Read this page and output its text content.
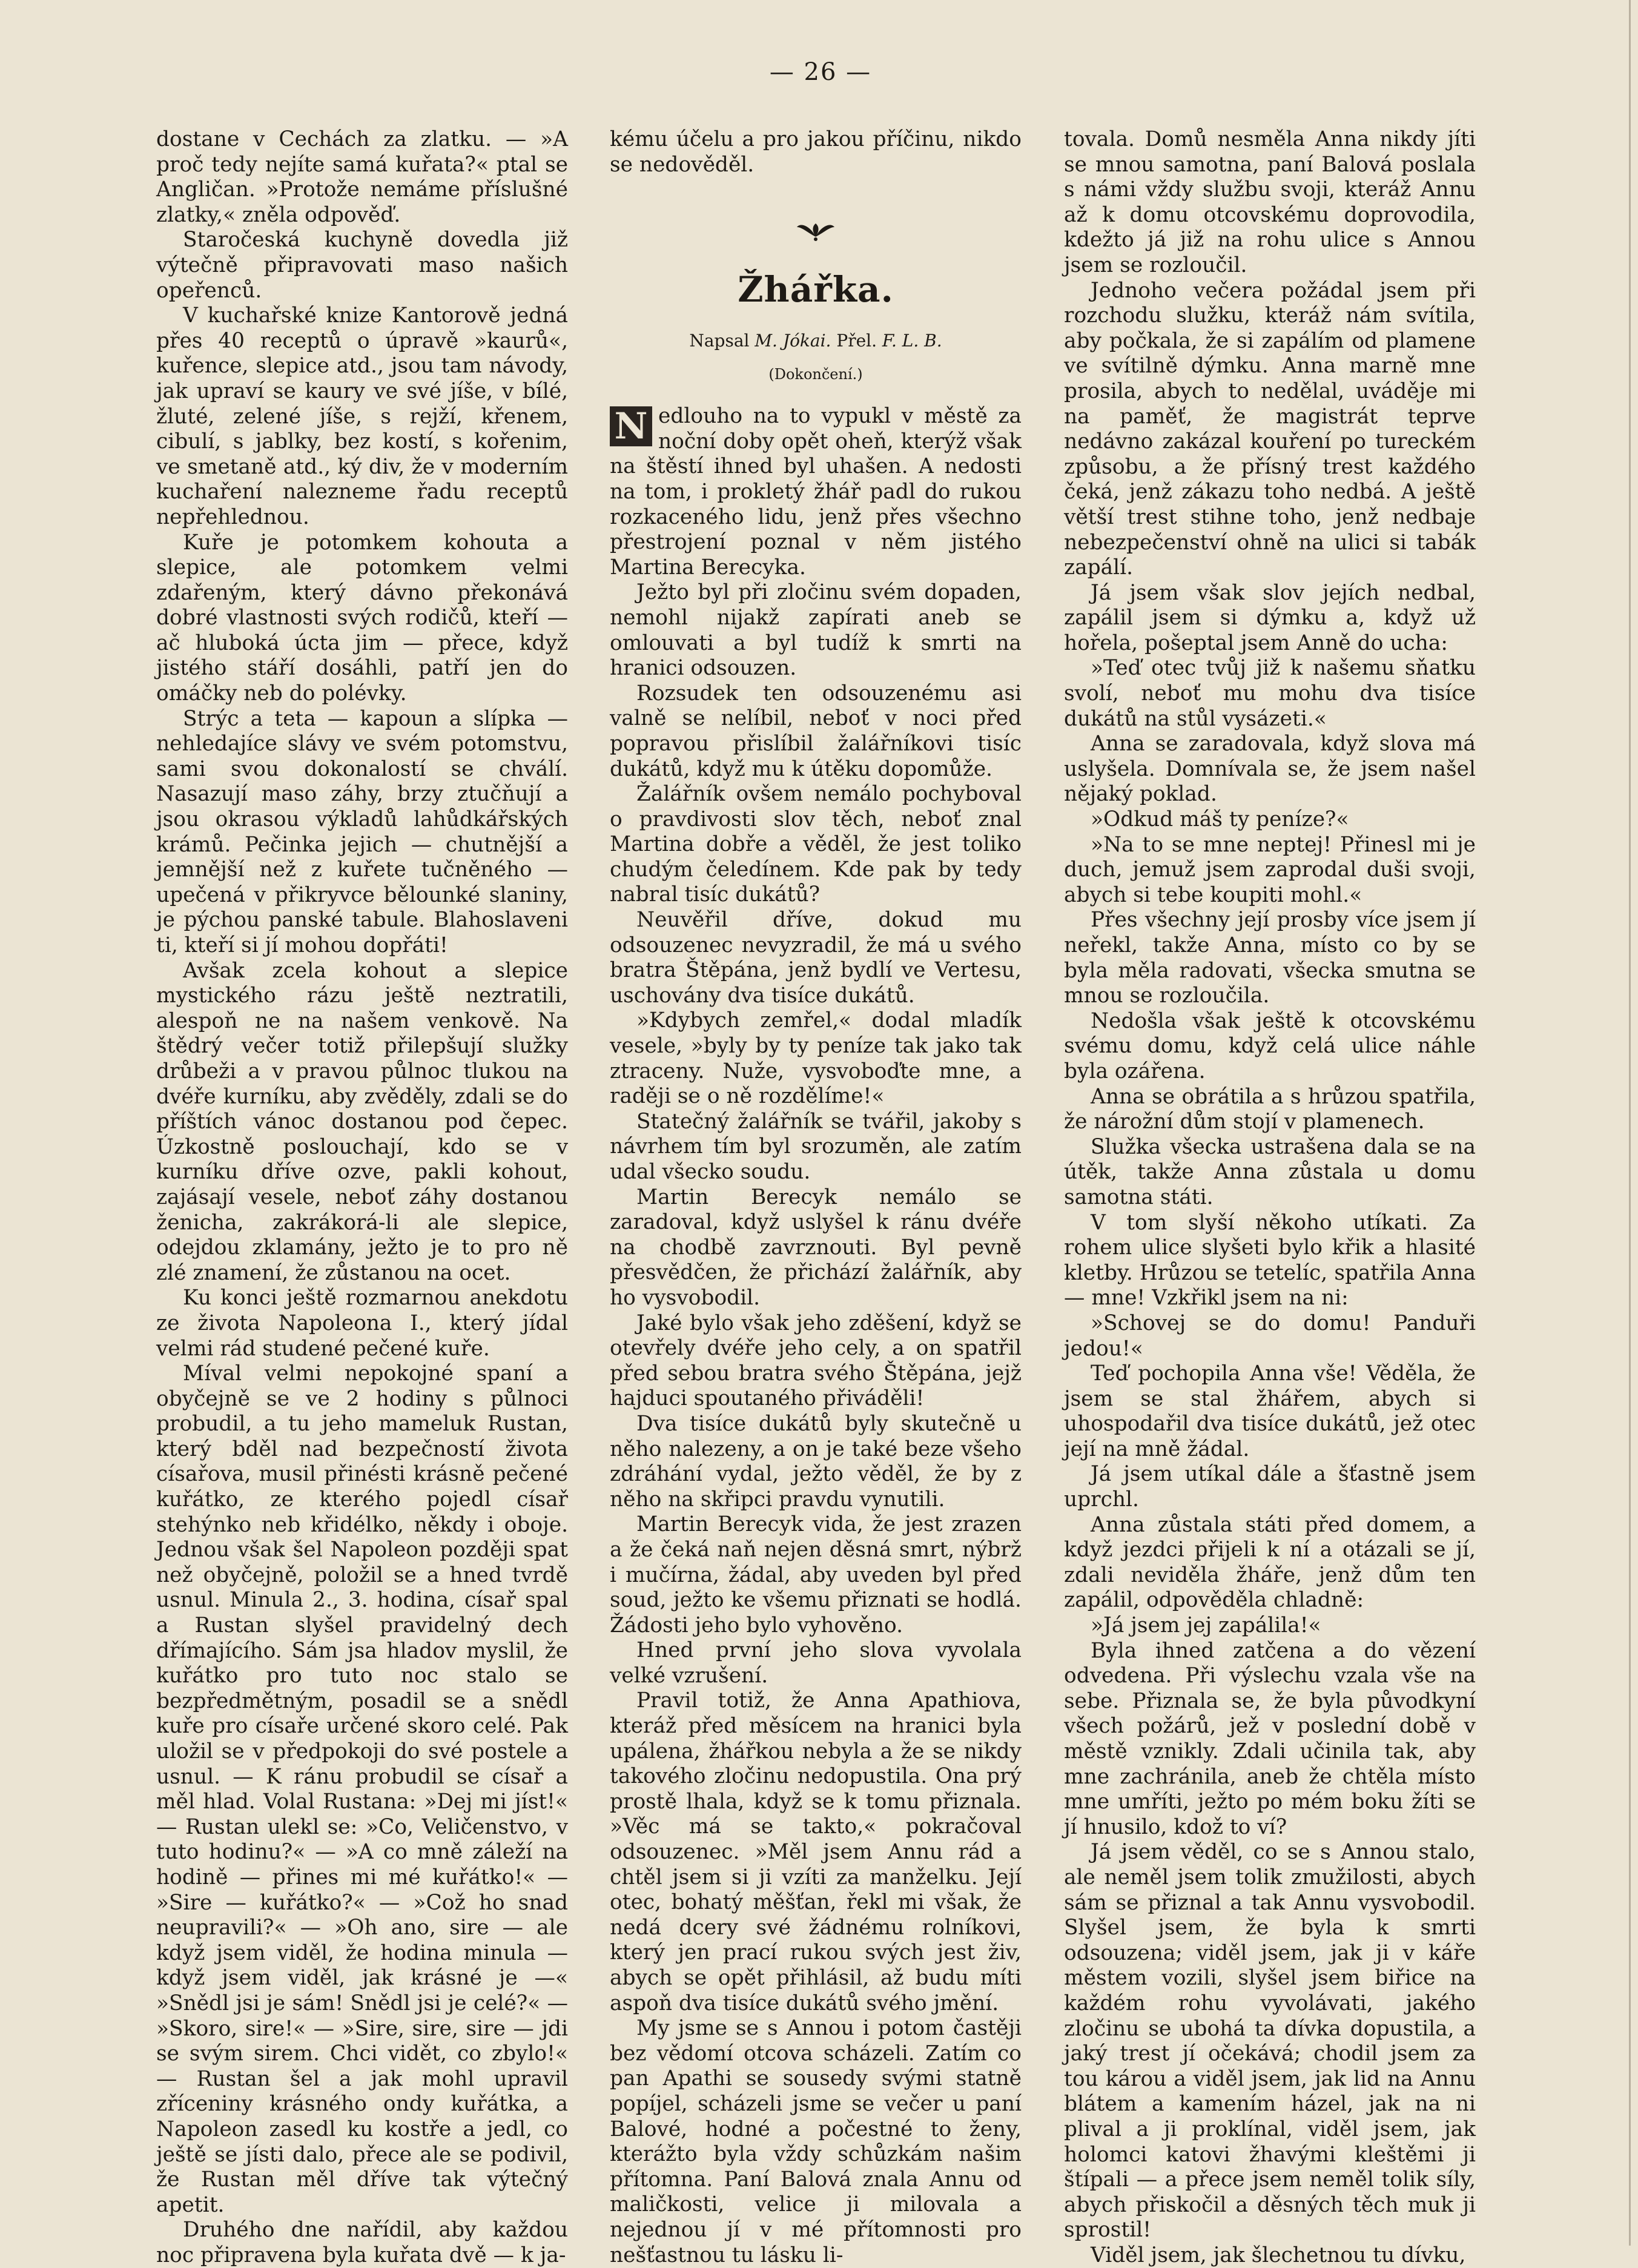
— 26 —

dostane v Cechách za zlatku. — »A proč tedy nejíte samá kuřata?« ptal se Angličan. »Protože nemáme příslušné zlatky,« zněla odpověď.

Staročeská kuchyně dovedla již výtečně připravovati maso našich opeřenců.

V kuchařské knize Kantorově jedná přes 40 receptů o úpravě »kaurů«, kuřence, slepice atd., jsou tam návody, jak upraví se kaury ve své jíše, v bílé, žluté, zelené jíše, s rejží, křenem, cibulí, s jablky, bez kostí, s kořenim, ve smetaně atd., ký div, že v moderním kuchaření nalezneme řadu receptů nepřehlednou.

Kuře je potomkem kohouta a slepice, ale potomkem velmi zdařeným, který dávno překonává dobré vlastnosti svých rodičů, kteří — ač hluboká úcta jim — přece, když jistého stáří dosáhli, patří jen do omáčky neb do polévky.

Strýc a teta — kapoun a slípka — nehledajíce slávy ve svém potomstvu, sami svou dokonalostí se chválí. Nasazují maso záhy, brzy ztučňují a jsou okrasou výkladů lahůdkářských krámů. Pečinka jejich — chutnější a jemnější než z kuřete tučněného — upečená v přikryvce bělounké slaniny, je pýchou panské tabule. Blahoslaveni ti, kteří si jí mohou dopřáti!

Avšak zcela kohout a slepice mystického rázu ještě neztratili, alespoň ne na našem venkově. Na štědrý večer totiž přilepšují služky drůbeži a v pravou půlnoc tlukou na dvéře kurníku, aby zvěděly, zdali se do příštích vánoc dostanou pod čepec. Úzkostně poslouchají, kdo se v kurníku dříve ozve, pakli kohout, zajásají vesele, neboť záhy dostanou ženicha, zakrákorá-li ale slepice, odejdou zklamány, ježto je to pro ně zlé znamení, že zůstanou na ocet.

Ku konci ještě rozmarnou anekdotu ze života Napoleona I., který jídal velmi rád studené pečené kuře.

Míval velmi nepokojné spaní a obyčejně se ve 2 hodiny s půlnoci probudil, a tu jeho mameluk Rustan, který bděl nad bezpečností života císařova, musil přinésti krásně pečené kuřátko, ze kterého pojedl císař stehýnko neb křidélko, někdy i oboje. Jednou však šel Napoleon později spat než obyčejně, položil se a hned tvrdě usnul. Minula 2., 3. hodina, císař spal a Rustan slyšel pravidelný dech dřímajícího. Sám jsa hladov myslil, že kuřátko pro tuto noc stalo se bezpředmětným, posadil se a snědl kuře pro císaře určené skoro celé. Pak uložil se v předpokoji do své postele a usnul. — K ránu probudil se císař a měl hlad. Volal Rustana: »Dej mi jíst!« — Rustan ulekl se: »Co, Veličenstvo, v tuto hodinu?« — »A co mně záleží na hodině — přines mi mé kuřátko!« — »Sire — kuřátko?« — »Což ho snad neupravili?« — »Oh ano, sire — ale když jsem viděl, že hodina minula — když jsem viděl, jak krásné je —« »Snědl jsi je sám! Snědl jsi je celé?« — »Skoro, sire!« — »Sire, sire, sire — jdi se svým sirem. Chci vidět, co zbylo!« — Rustan šel a jak mohl upravil zříceniny krásného ondy kuřátka, a Napoleon zasedl ku kostře a jedl, co ještě se jísti dalo, přece ale se podivil, že Rustan měl dříve tak výtečný apetit.

Druhého dne nařídil, aby každou noc připravena byla kuřata dvě — k ja-

kému účelu a pro jakou příčinu, nikdo se nedověděl.

Žhářka.
Napsal M. Jókai. Přel. F. L. B.
(Dokončení.)

N edlouho na to vypukl v městě za noční doby opět oheň, kterýž však na štěstí ihned byl uhašen. A nedosti na tom, i prokletý žhář padl do rukou rozkaceného lidu, jenž přes všechno přestrojení poznal v něm jistého Martina Berecyka.

Ježto byl při zločinu svém dopaden, nemohl nijakž zapírati aneb se omlouvati a byl tudíž k smrti na hranici odsouzen.

Rozsudek ten odsouzenému asi valně se nelíbil, neboť v noci před popravou přislíbil žalářníkovi tisíc dukátů, když mu k útěku dopomůže.

Žalářník ovšem nemálo pochyboval o pravdivosti slov těch, neboť znal Martina dobře a věděl, že jest toliko chudým čeledínem. Kde pak by tedy nabral tisíc dukátů?

Neuvěřil dříve, dokud mu odsouzenec nevyzradil, že má u svého bratra Štěpána, jenž bydlí ve Vertesu, uschovány dva tisíce dukátů.

»Kdybych zemřel,« dodal mladík vesele, »byly by ty peníze tak jako tak ztraceny. Nuže, vysvoboďte mne, a raději se o ně rozdělíme!«

Statečný žalářník se tvářil, jakoby s návrhem tím byl srozuměn, ale zatím udal všecko soudu.

Martin Berecyk nemálo se zaradoval, když uslyšel k ránu dvéře na chodbě zavrznouti. Byl pevně přesvědčen, že přichází žalářník, aby ho vysvobodil.

Jaké bylo však jeho zděšení, když se otevřely dvéře jeho cely, a on spatřil před sebou bratra svého Štěpána, jejž hajduci spoutaného přiváděli!

Dva tisíce dukátů byly skutečně u něho nalezeny, a on je také beze všeho zdráhání vydal, ježto věděl, že by z něho na skřipci pravdu vynutili.

Martin Berecyk vida, že jest zrazen a že čeká naň nejen děsná smrt, nýbrž i mučírna, žádal, aby uveden byl před soud, ježto ke všemu přiznati se hodlá. Žádosti jeho bylo vyhověno.

Hned první jeho slova vyvolala velké vzrušení.

Pravil totiž, že Anna Apathiova, kteráž před měsícem na hranici byla upálena, žhářkou nebyla a že se nikdy takového zločinu nedopustila. Ona prý prostě lhala, když se k tomu přiznala. »Věc má se takto,« pokračoval odsouzenec. »Měl jsem Annu rád a chtěl jsem si ji vzíti za manželku. Její otec, bohatý měšťan, řekl mi však, že nedá dcery své žádnému rolníkovi, který jen prací rukou svých jest živ, abych se opět přihlásil, až budu míti aspoň dva tisíce dukátů svého jmění.

My jsme se s Annou i potom častěji bez vědomí otcova scházeli. Zatím co pan Apathi se sousedy svými statně popíjel, scházeli jsme se večer u paní Balové, hodné a počestné to ženy, kterážto byla vždy schůzkám našim přítomna. Paní Balová znala Annu od maličkosti, velice ji milovala a nejednou jí v mé přítomnosti pro nešťastnou tu lásku li-

tovala. Domů nesměla Anna nikdy jíti se mnou samotna, paní Balová poslala s námi vždy službu svoji, kteráž Annu až k domu otcovskému doprovodila, kdežto já již na rohu ulice s Annou jsem se rozloučil.

Jednoho večera požádal jsem při rozchodu služku, kteráž nám svítila, aby počkala, že si zapálím od plamene ve svítilně dýmku. Anna marně mne prosila, abych to nedělal, uváděje mi na paměť, že magistrát teprve nedávno zakázal kouření po tureckém způsobu, a že přísný trest každého čeká, jenž zákazu toho nedbá. A ještě větší trest stihne toho, jenž nedbaje nebezpečenství ohně na ulici si tabák zapálí.

Já jsem však slov jejích nedbal, zapálil jsem si dýmku a, když už hořela, pošeptal jsem Anně do ucha:

»Teď otec tvůj již k našemu sňatku svolí, neboť mu mohu dva tisíce dukátů na stůl vysázeti.«

Anna se zaradovala, když slova má uslyšela. Domnívala se, že jsem našel nějaký poklad.

»Odkud máš ty peníze?«

»Na to se mne neptej! Přinesl mi je duch, jemuž jsem zaprodal duši svoji, abych si tebe koupiti mohl.«

Přes všechny její prosby více jsem jí neřekl, takže Anna, místo co by se byla měla radovati, všecka smutna se mnou se rozloučila.

Nedošla však ještě k otcovskému svému domu, když celá ulice náhle byla ozářena.

Anna se obrátila a s hrůzou spatřila, že nárožní dům stojí v plamenech.

Služka všecka ustrašena dala se na útěk, takže Anna zůstala u domu samotna státi.

V tom slyší někoho utíkati. Za rohem ulice slyšeti bylo křik a hlasité kletby. Hrůzou se tetelíc, spatřila Anna — mne! Vzkřikl jsem na ni:

»Schovej se do domu! Panduři jedou!«

Teď pochopila Anna vše! Věděla, že jsem se stal žhářem, abych si uhospodařil dva tisíce dukátů, jež otec její na mně žádal.

Já jsem utíkal dále a šťastně jsem uprchl.

Anna zůstala státi před domem, a když jezdci přijeli k ní a otázali se jí, zdali neviděla žháře, jenž dům ten zapálil, odpověděla chladně:

»Já jsem jej zapálila!«

Byla ihned zatčena a do vězení odvedena. Při výslechu vzala vše na sebe. Přiznala se, že byla původkyní všech požárů, jež v poslední době v městě vznikly. Zdali učinila tak, aby mne zachránila, aneb že chtěla místo mne umříti, ježto po mém boku žíti se jí hnusilo, kdož to ví?

Já jsem věděl, co se s Annou stalo, ale neměl jsem tolik zmužilosti, abych sám se přiznal a tak Annu vysvobodil. Slyšel jsem, že byla k smrti odsouzena; viděl jsem, jak ji v káře městem vozili, slyšel jsem biřice na každém rohu vyvolávati, jakého zločinu se ubohá ta dívka dopustila, a jaký trest jí očekává; chodil jsem za tou károu a viděl jsem, jak lid na Annu blátem a kamením házel, jak na ni plival a ji proklínal, viděl jsem, jak holomci katovi žhavými kleštěmi ji štípali — a přece jsem neměl tolik síly, abych přiskočil a děsných těch muk ji sprostil!

Viděl jsem, jak šlechetnou tu dívku,
